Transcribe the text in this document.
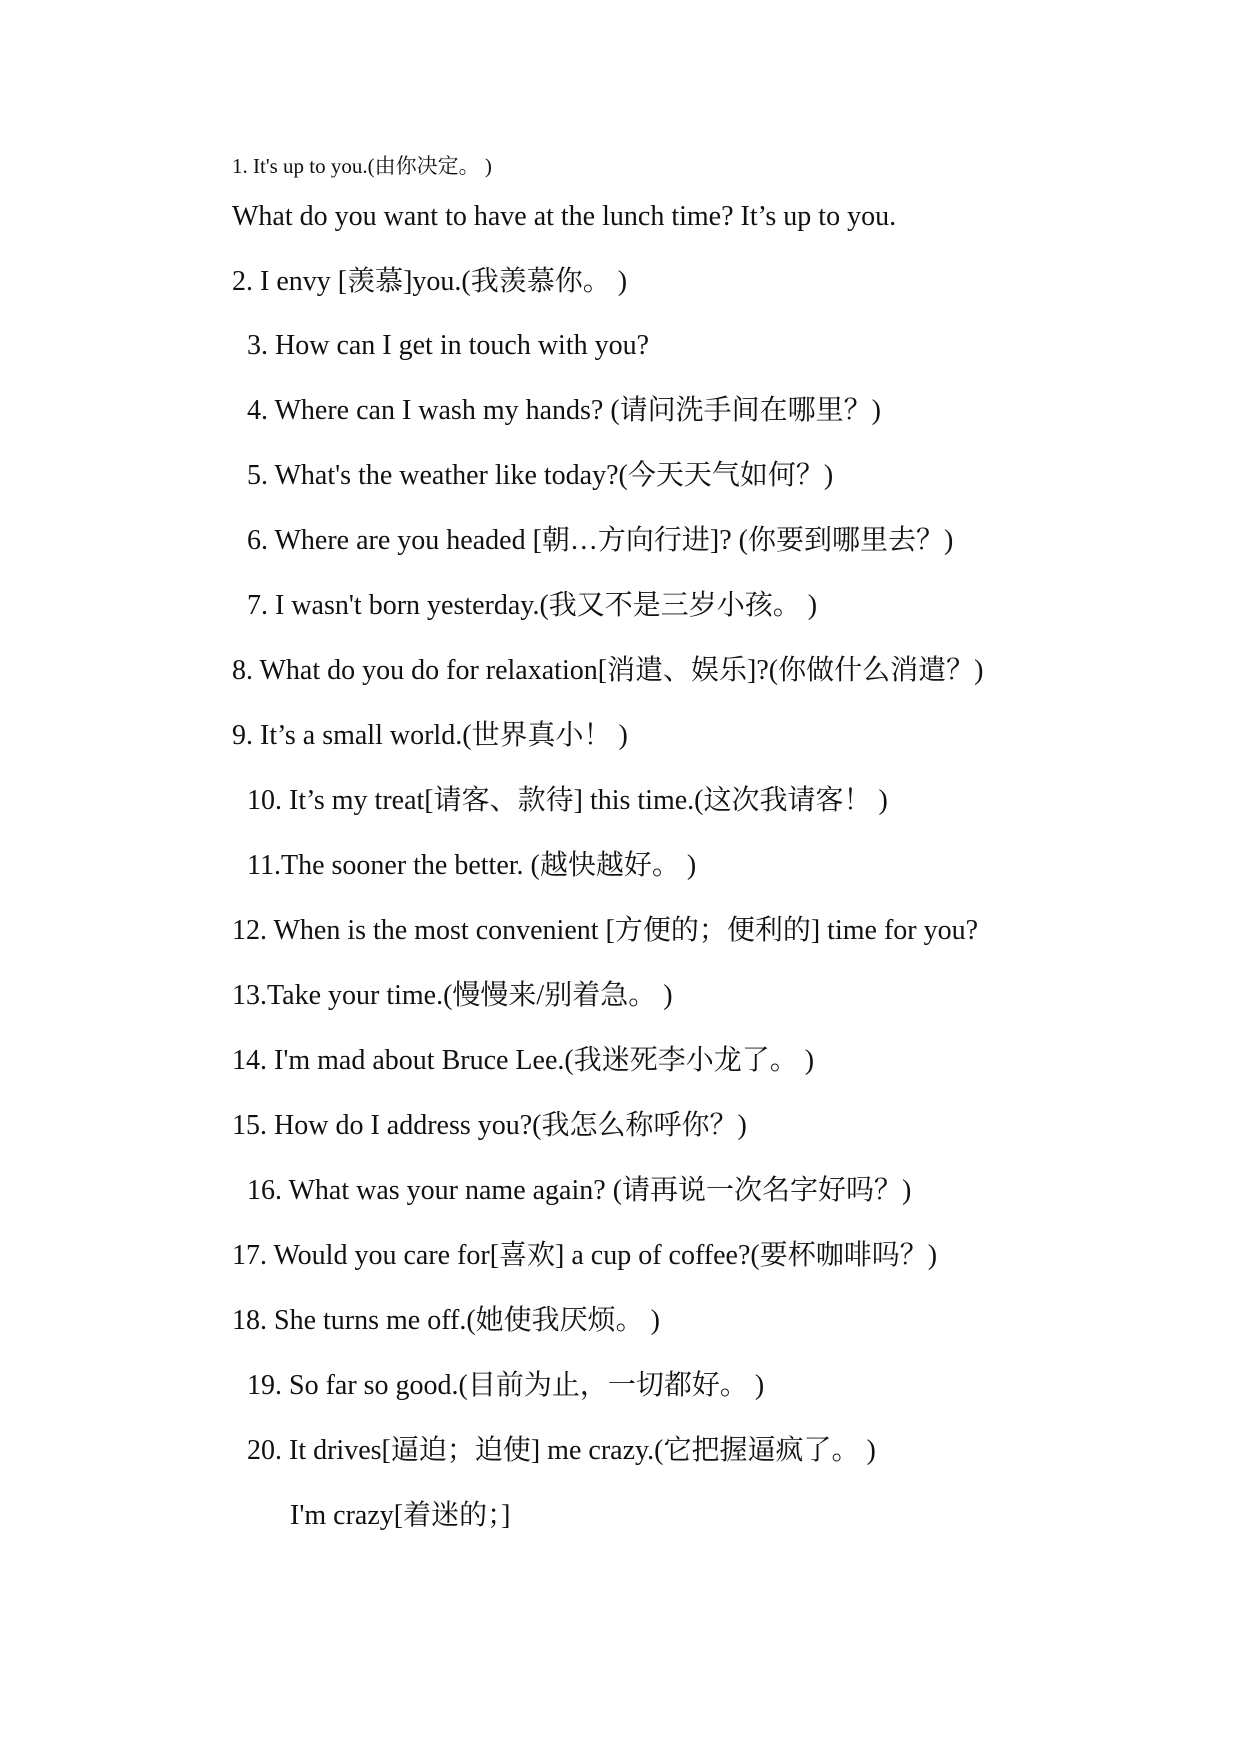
1. It's up to you.(由你决定。 )
What do you want to have at the lunch time? It’s up to you.
2. I envy [羡慕]you.(我羡慕你。 )
3. How can I get in touch with you?
4. Where can I wash my hands? (请问洗手间在哪里？)
5. What's the weather like today?(今天天气如何？)
6. Where are you headed [朝…方向行进]? (你要到哪里去？)
7. I wasn't born yesterday.(我又不是三岁小孩。 )
8. What do you do for relaxation[消遣、娱乐]?(你做什么消遣？)
9. It’s a small world.(世界真小！ )
10. It’s my treat[请客、款待] this time.(这次我请客！ )
11.The sooner the better. (越快越好。 )
12. When is the most convenient [方便的；便利的] time for you?
13.Take your time.(慢慢来/别着急。 )
14. I'm mad about Bruce Lee.(我迷死李小龙了。 )
15. How do I address you?(我怎么称呼你？)
16. What was your name again? (请再说一次名字好吗？)
17. Would you care for[喜欢] a cup of coffee?(要杯咖啡吗？)
18. She turns me off.(她使我厌烦。 )
19. So far so good.(目前为止，一切都好。 )
20. It drives[逼迫；迫使] me crazy.(它把握逼疯了。 )
I'm crazy[着迷的；]
